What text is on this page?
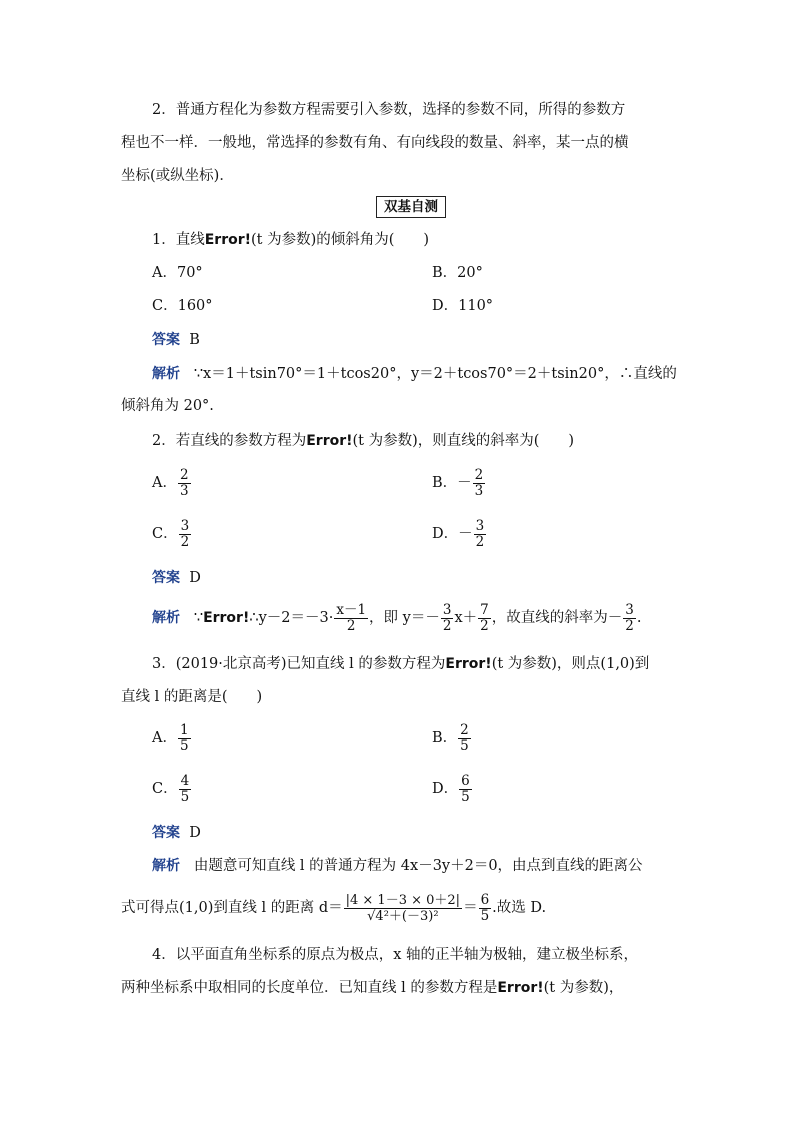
2．普通方程化为参数方程需要引入参数，选择的参数不同，所得的参数方
程也不一样．一般地，常选择的参数有角、有向线段的数量、斜率，某一点的横
坐标(或纵坐标)．
双基自测
1．直线Error!(t 为参数)的倾斜角为(　　)
A．70°	B．20°
C．160°	D．110°
答案 B
解析 ∵x＝1＋tsin70°＝1＋tcos20°，y＝2＋tcos70°＝2＋tsin20°，∴直线的
倾斜角为 20°.
2．若直线的参数方程为Error!(t 为参数)，则直线的斜率为(　　)
A． $\frac{2}{3}$	B．－ $\frac{2}{3}$
C． $\frac{3}{2}$	D．－ $\frac{3}{2}$
答案 D
解析 ∵Error!∴y－2＝－3· $\frac{x-1}{2}$ ，即 $y=- \frac{3}{2} x+ \frac{7}{2}$ ，故直线的斜率为－ $\frac{3}{2}$ .
3．(2019·北京高考)已知直线 l 的参数方程为Error!(t 为参数)，则点(1,0)到
直线 l 的距离是(　　)
A． $\frac{1}{5}$	B． $\frac{2}{5}$
C． $\frac{4}{5}$	D． $\frac{6}{5}$
答案 D
解析 由题意可知直线 l 的普通方程为 4x－3y＋2＝0，由点到直线的距离公
式可得点(1,0)到直线 l 的距离 $d= \frac{|4 \times 1-3 \times 0+2|}{\text{√4²＋(－3)²}} = \frac{6}{5}$ .故选 D.
4．以平面直角坐标系的原点为极点，x 轴的正半轴为极轴，建立极坐标系，
两种坐标系中取相同的长度单位．已知直线 l 的参数方程是Error!(t 为参数)，
